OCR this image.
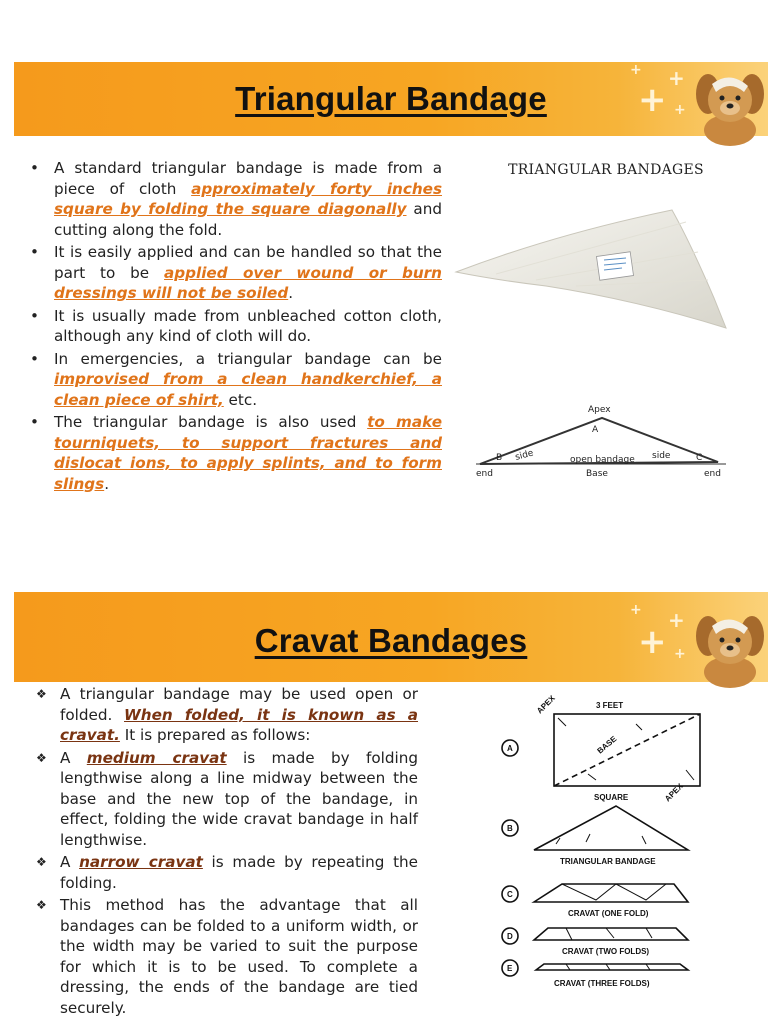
Triangular Bandage
+
+
+
+
• A standard triangular bandage is made from a piece of cloth approximately forty inches square by folding the square diagonally and cutting along the fold.
• It is easily applied and can be handled so that the part to be applied over wound or burn dressings will not be soiled.
• It is usually made from unbleached cotton cloth, although any kind of cloth will do.
• In emergencies, a triangular bandage can be improvised from a clean handkerchief, a clean piece of shirt, etc.
• The triangular bandage is also used to make tourniquets, to support fractures and dislocat ions, to apply splints, and to form slings.
TRIANGULAR BANDAGES
Apex
A
side	side
open bandage
B	C
end	Base	end
Cravat Bandages
+
+
+
+
❖ A triangular bandage may be used open or folded. When folded, it is known as a cravat. It is prepared as follows:
❖ A medium cravat is made by folding lengthwise along a line midway between the base and the new top of the bandage, in effect, folding the wide cravat bandage in half lengthwise.
❖ A narrow cravat is made by repeating the folding.
❖ This method has the advantage that all bandages can be folded to a uniform width, or the width may be varied to suit the purpose for which it is to be used. To complete a dressing, the ends of the bandage are tied securely.
A
B
C
D
E
3 FEET
APEX
BASE
APEX
SQUARE
TRIANGULAR BANDAGE
CRAVAT (ONE FOLD)
CRAVAT (TWO FOLDS)
CRAVAT (THREE FOLDS)
